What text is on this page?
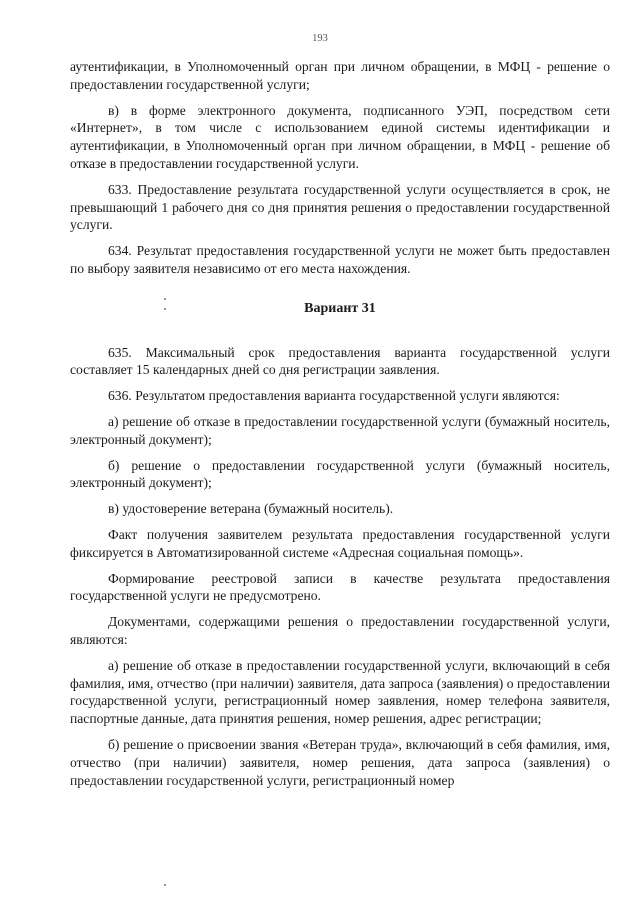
193

аутентификации, в Уполномоченный орган при личном обращении, в МФЦ - решение о предоставлении государственной услуги;

в) в форме электронного документа, подписанного УЭП, посредством сети «Интернет», в том числе с использованием единой системы идентификации и аутентификации, в Уполномоченный орган при личном обращении, в МФЦ - решение об отказе в предоставлении государственной услуги.

633. Предоставление результата государственной услуги осуществляется в срок, не превышающий 1 рабочего дня со дня принятия решения о предоставлении государственной услуги.

634. Результат предоставления государственной услуги не может быть предоставлен по выбору заявителя независимо от его места нахождения.

Вариант 31

635. Максимальный срок предоставления варианта государственной услуги составляет 15 календарных дней со дня регистрации заявления.

636. Результатом предоставления варианта государственной услуги являются:

а) решение об отказе в предоставлении государственной услуги (бумажный носитель, электронный документ);

б) решение о предоставлении государственной услуги (бумажный носитель, электронный документ);

в) удостоверение ветерана (бумажный носитель).

Факт получения заявителем результата предоставления государственной услуги фиксируется в Автоматизированной системе «Адресная социальная помощь».

Формирование реестровой записи в качестве результата предоставления государственной услуги не предусмотрено.

Документами, содержащими решения о предоставлении государственной услуги, являются:

а) решение об отказе в предоставлении государственной услуги, включающий в себя фамилия, имя, отчество (при наличии) заявителя, дата запроса (заявления) о предоставлении государственной услуги, регистрационный номер заявления, номер телефона заявителя, паспортные данные, дата принятия решения, номер решения, адрес регистрации;

б) решение о присвоении звания «Ветеран труда», включающий в себя фамилия, имя, отчество (при наличии) заявителя, номер решения, дата запроса (заявления) о предоставлении государственной услуги, регистрационный номер
